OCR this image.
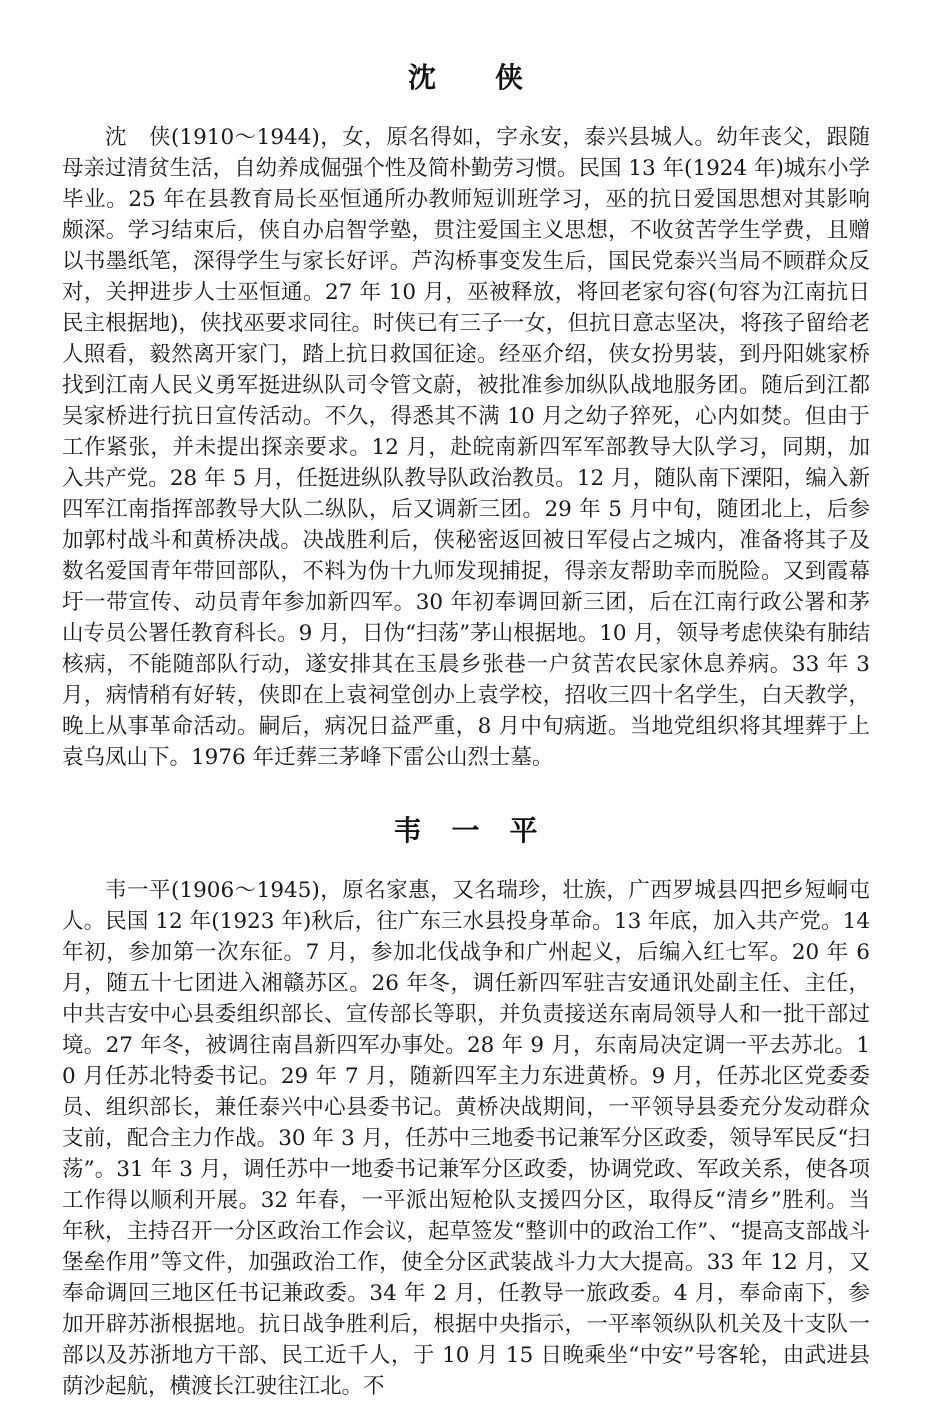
沈　　侠

沈　侠(1910～1944)，女，原名得如，字永安，泰兴县城人。幼年丧父，跟随母亲过清贫生活，自幼养成倔强个性及简朴勤劳习惯。民国 13 年(1924 年)城东小学毕业。25 年在县教育局长巫恒通所办教师短训班学习，巫的抗日爱国思想对其影响颇深。学习结束后，侠自办启智学塾，贯注爱国主义思想，不收贫苦学生学费，且赠以书墨纸笔，深得学生与家长好评。芦沟桥事变发生后，国民党泰兴当局不顾群众反对，关押进步人士巫恒通。27 年 10 月，巫被释放，将回老家句容(句容为江南抗日民主根据地)，侠找巫要求同往。时侠已有三子一女，但抗日意志坚决，将孩子留给老人照看，毅然离开家门，踏上抗日救国征途。经巫介绍，侠女扮男装，到丹阳姚家桥找到江南人民义勇军挺进纵队司令管文蔚，被批准参加纵队战地服务团。随后到江都吴家桥进行抗日宣传活动。不久，得悉其不满 10 月之幼子猝死，心内如焚。但由于工作紧张，并未提出探亲要求。12 月，赴皖南新四军军部教导大队学习，同期，加入共产党。28 年 5 月，任挺进纵队教导队政治教员。12 月，随队南下溧阳，编入新四军江南指挥部教导大队二纵队，后又调新三团。29 年 5 月中旬，随团北上，后参加郭村战斗和黄桥决战。决战胜利后，侠秘密返回被日军侵占之城内，准备将其子及数名爱国青年带回部队，不料为伪十九师发现捕捉，得亲友帮助幸而脱险。又到霞幕圩一带宣传、动员青年参加新四军。30 年初奉调回新三团，后在江南行政公署和茅山专员公署任教育科长。9 月，日伪“扫荡”茅山根据地。10 月，领导考虑侠染有肺结核病，不能随部队行动，遂安排其在玉晨乡张巷一户贫苦农民家休息养病。33 年 3 月，病情稍有好转，侠即在上袁祠堂创办上袁学校，招收三四十名学生，白天教学，晚上从事革命活动。嗣后，病况日益严重，8 月中旬病逝。当地党组织将其埋葬于上袁乌凤山下。1976 年迁葬三茅峰下雷公山烈士墓。

韦　一　平

韦一平(1906～1945)，原名家惠，又名瑞珍，壮族，广西罗城县四把乡短峒屯人。民国 12 年(1923 年)秋后，往广东三水县投身革命。13 年底，加入共产党。14 年初，参加第一次东征。7 月，参加北伐战争和广州起义，后编入红七军。20 年 6 月，随五十七团进入湘赣苏区。26 年冬，调任新四军驻吉安通讯处副主任、主任，中共吉安中心县委组织部长、宣传部长等职，并负责接送东南局领导人和一批干部过境。27 年冬，被调往南昌新四军办事处。28 年 9 月，东南局决定调一平去苏北。10 月任苏北特委书记。29 年 7 月，随新四军主力东进黄桥。9 月，任苏北区党委委员、组织部长，兼任泰兴中心县委书记。黄桥决战期间，一平领导县委充分发动群众支前，配合主力作战。30 年 3 月，任苏中三地委书记兼军分区政委，领导军民反“扫荡”。31 年 3 月，调任苏中一地委书记兼军分区政委，协调党政、军政关系，使各项工作得以顺利开展。32 年春，一平派出短枪队支援四分区，取得反“清乡”胜利。当年秋，主持召开一分区政治工作会议，起草签发“整训中的政治工作”、“提高支部战斗堡垒作用”等文件，加强政治工作，使全分区武装战斗力大大提高。33 年 12 月，又奉命调回三地区任书记兼政委。34 年 2 月，任教导一旅政委。4 月，奉命南下，参加开辟苏浙根据地。抗日战争胜利后，根据中央指示，一平率领纵队机关及十支队一部以及苏浙地方干部、民工近千人，于 10 月 15 日晚乘坐“中安”号客轮，由武进县荫沙起航，横渡长江驶往江北。不
